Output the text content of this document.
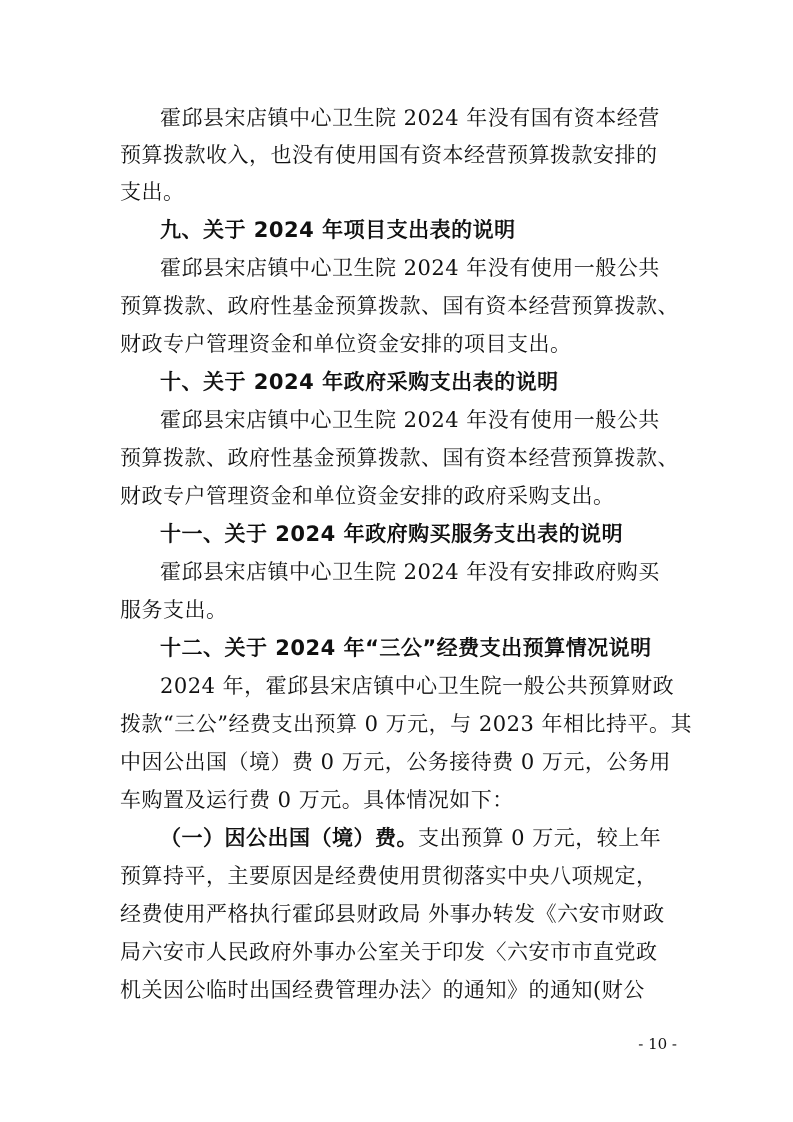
霍邱县宋店镇中心卫生院 2024 年没有国有资本经营
预算拨款收入，也没有使用国有资本经营预算拨款安排的
支出。
九、关于 2024 年项目支出表的说明
霍邱县宋店镇中心卫生院 2024 年没有使用一般公共
预算拨款、政府性基金预算拨款、国有资本经营预算拨款、
财政专户管理资金和单位资金安排的项目支出。
十、关于 2024 年政府采购支出表的说明
霍邱县宋店镇中心卫生院 2024 年没有使用一般公共
预算拨款、政府性基金预算拨款、国有资本经营预算拨款、
财政专户管理资金和单位资金安排的政府采购支出。
十一、关于 2024 年政府购买服务支出表的说明
霍邱县宋店镇中心卫生院 2024 年没有安排政府购买
服务支出。
十二、关于 2024 年“三公”经费支出预算情况说明
2024 年，霍邱县宋店镇中心卫生院一般公共预算财政
拨款“三公”经费支出预算 0 万元，与 2023 年相比持平。其
中因公出国（境）费 0 万元，公务接待费 0 万元，公务用
车购置及运行费 0 万元。具体情况如下：
（一）因公出国（境）费。支出预算 0 万元，较上年
预算持平，主要原因是经费使用贯彻落实中央八项规定，
经费使用严格执行霍邱县财政局 外事办转发《六安市财政
局六安市人民政府外事办公室关于印发〈六安市市直党政
机关因公临时出国经费管理办法〉的通知》的通知(财公
- 10 -
